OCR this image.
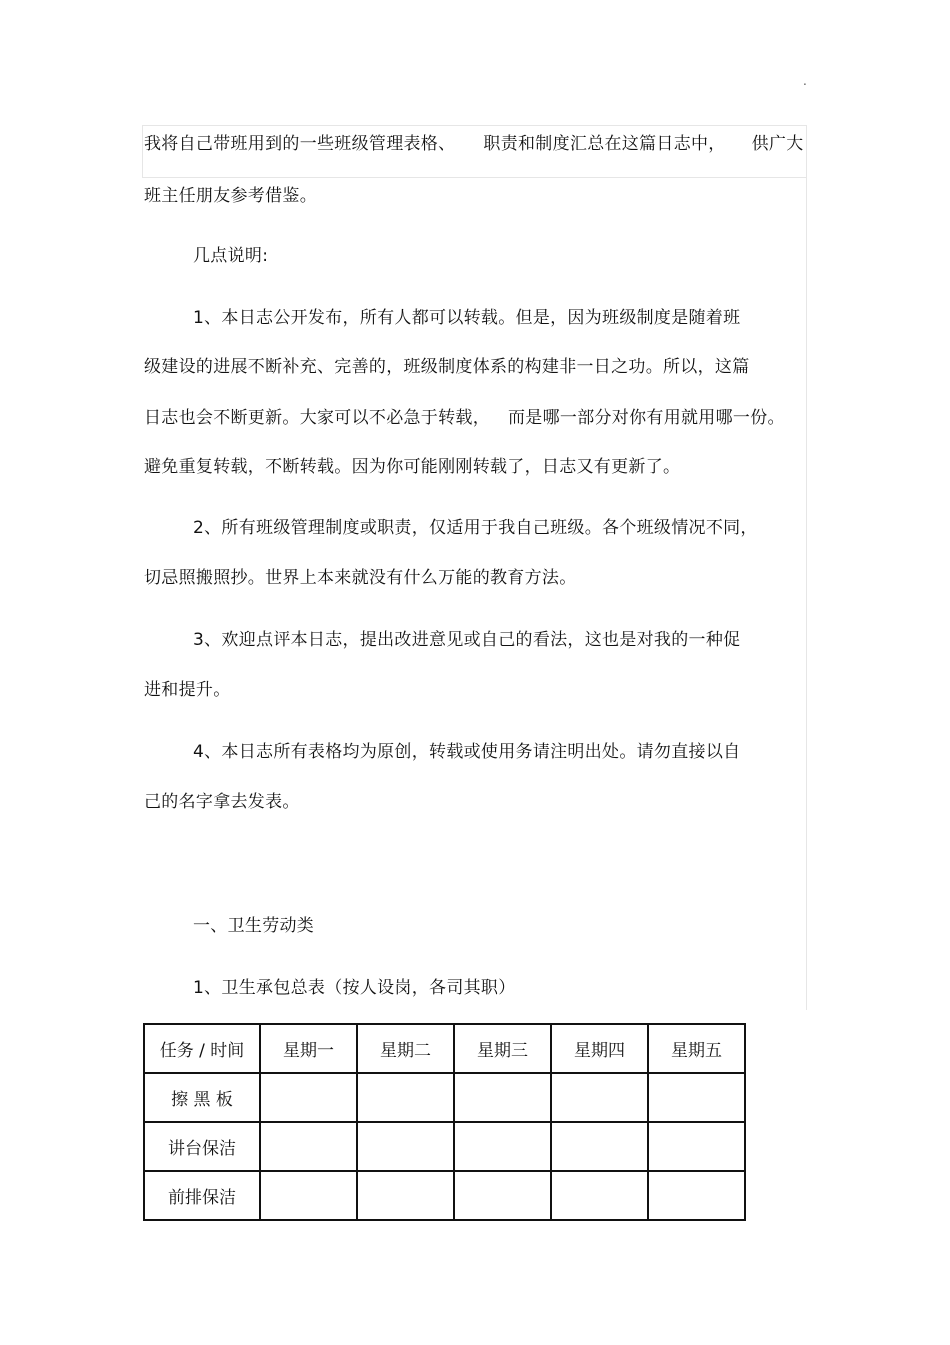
.
我将自己带班用到的一些班级管理表格、 职责和制度汇总在这篇日志中， 供广大
班主任朋友参考借鉴。
几点说明:
1、本日志公开发布，所有人都可以转载。但是，因为班级制度是随着班
级建设的进展不断补充、完善的，班级制度体系的构建非一日之功。所以，这篇
日志也会不断更新。大家可以不必急于转载， 而是哪一部分对你有用就用哪一份。
避免重复转载，不断转载。因为你可能刚刚转载了，日志又有更新了。
2、所有班级管理制度或职责，仅适用于我自己班级。各个班级情况不同，
切忌照搬照抄。世界上本来就没有什么万能的教育方法。
3、欢迎点评本日志，提出改进意见或自己的看法，这也是对我的一种促
进和提升。
4、本日志所有表格均为原创，转载或使用务请注明出处。请勿直接以自
己的名字拿去发表。
一、卫生劳动类
1、卫生承包总表（按人设岗，各司其职）
任务 / 时间	星期一	星期二	星期三	星期四	星期五
擦 黑 板					
讲台保洁					
前排保洁					
